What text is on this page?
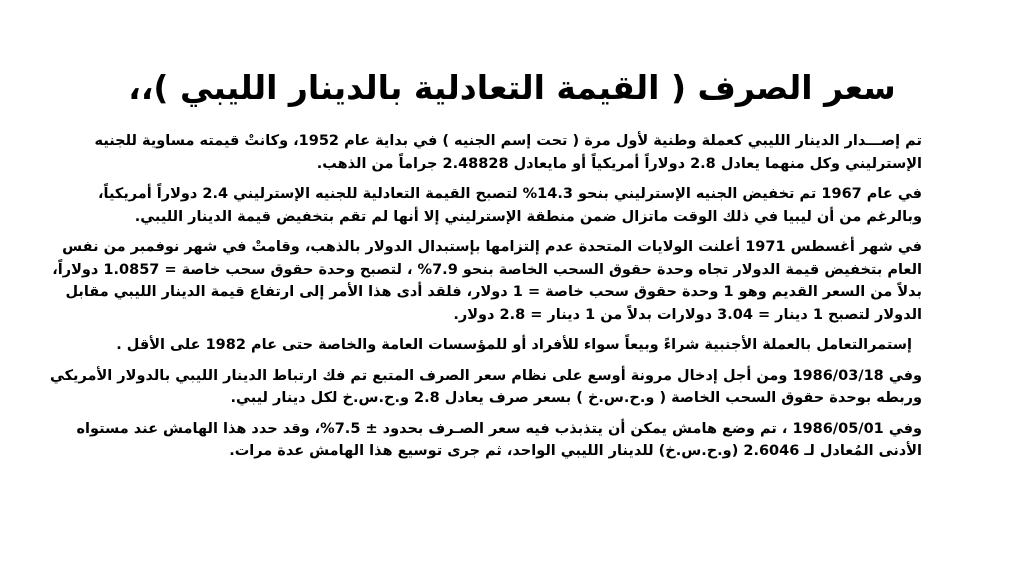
سعر الصرف ( القيمة التعادلية بالدينار الليبي )،،

تم إصـــدار الدينار الليبي كعملة وطنية لأول مرة ( تحت إسم الجنيه ) في بداية عام 1952، وكانتْ قيمته مساوية للجنيه الإسترليني وكل منهما يعادل 2.8 دولاراً أمريكياً أو مايعادل 2.48828 جراماً من الذهب.

في عام 1967 تم تخفيض الجنيه الإسترليني بنحو 14.3% لتصبح القيمة التعادلية للجنيه الإسترليني 2.4 دولاراً أمريكياً، وبالرغم من أن ليبيا في ذلك الوقت ماتزال ضمن منطقة الإسترليني إلا أنها لم تقم بتخفيض قيمة الدينار الليبي.

في شهر أغسطس 1971 أعلنت الولايات المتحدة عدم إلتزامها بإستبدال الدولار بالذهب، وقامتْ في شهر نوفمبر من نفس العام بتخفيض قيمة الدولار تجاه وحدة حقوق السحب الخاصة بنحو 7.9% ، لتصبح وحدة حقوق سحب خاصة = 1.0857 دولاراً، بدلاً من السعر القديم وهو 1 وحدة حقوق سحب خاصة = 1 دولار، فلقد أدى هذا الأمر إلى ارتفاع قيمة الدينار الليبي مقابل الدولار لتصبح 1 دينار = 3.04 دولارات بدلاً من 1 دينار = 2.8 دولار.

إستمرالتعامل بالعملة الأجنبية شراءً وبيعاً سواء للأفراد أو للمؤسسات العامة والخاصة حتى عام 1982 على الأقل .

وفي 1986/03/18 ومن أجل إدخال مرونة أوسع على نظام سعر الصرف المتبع تم فك ارتباط الدينار الليبي بالدولار الأمريكي وربطه بوحدة حقوق السحب الخاصة ( و.ح.س.خ ) بسعر صرف يعادل 2.8 و.ح.س.خ لكل دينار ليبي.

وفي 1986/05/01 ، تم وضع هامش يمكن أن يتذبذب فيه سعر الصـرف بحدود ± 7.5%، وقد حدد هذا الهامش عند مستواه الأدنى المُعادل لـ 2.6046 (و.ح.س.خ) للدينار الليبي الواحد، ثم جرى توسيع هذا الهامش عدة مرات.
